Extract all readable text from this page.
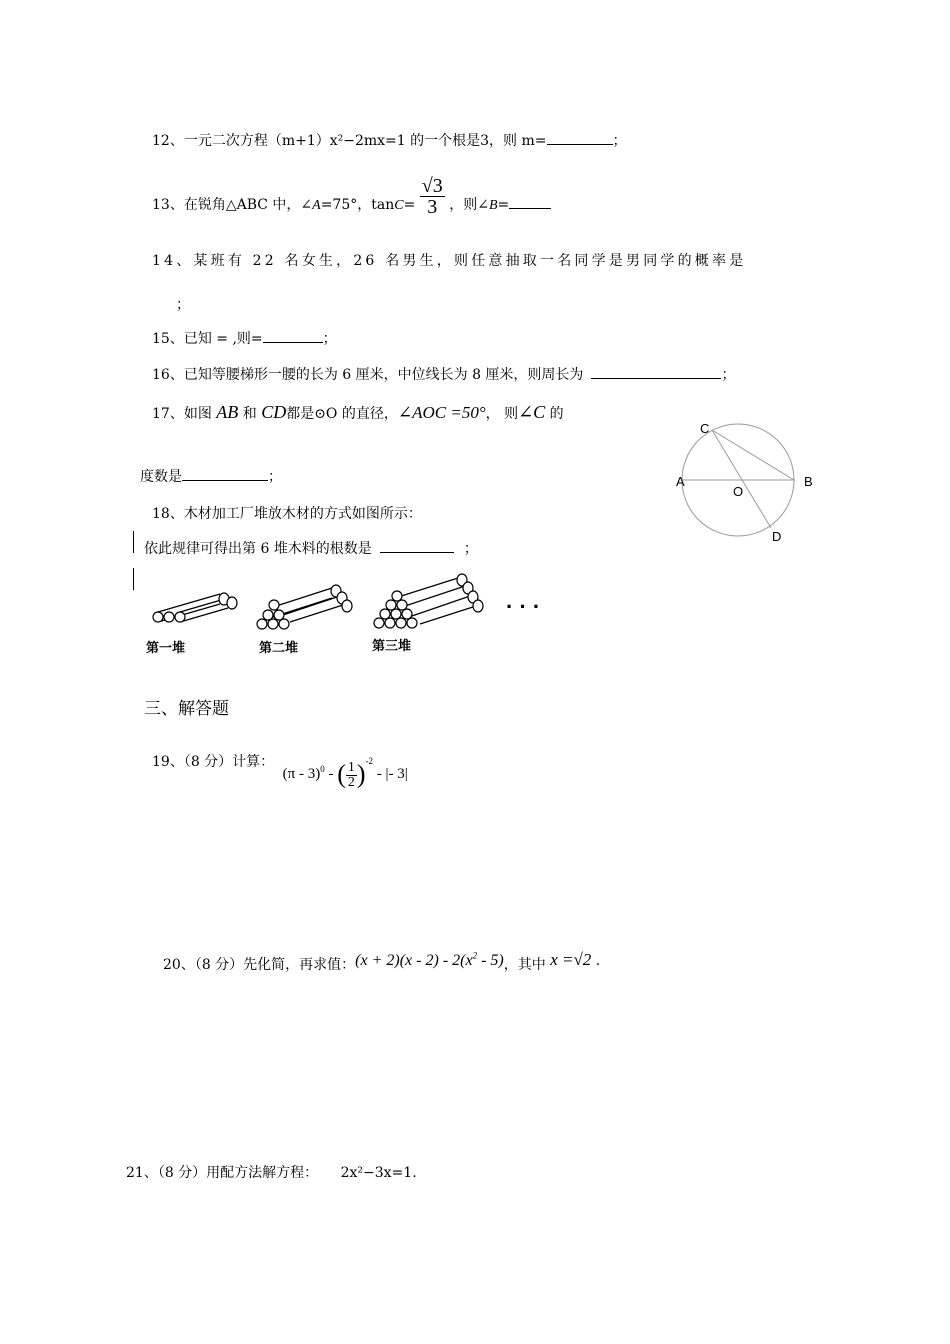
12、一元二次方程（m+1）x²−2mx=1 的一个根是3，则 m=	；
13、在锐角△ABC 中，∠A=75°，$\tan C= \frac{√3}{3}$ ，则∠B=
14、某班有 22 名女生，26 名男生，则任意抽取一名同学是男同学的概率是
；
15、已知 = ,则=	；
16、已知等腰梯形一腰的长为 6 厘米，中位线长为 8 厘米，则周长为	；
17、如图 AB 和 CD都是⊙O 的直径，∠AOC =50°， 则∠C 的
度数是	；
C
A
O
B
D
18、木材加工厂堆放木材的方式如图所示：
依此规律可得出第 6 堆木料的根数是	；
· · ·
第一堆	第二堆	第三堆
三、解答题
19、（8 分）计算： (π - 3)$^0$ - ( $\frac{1}{2} )^{-2}$ - |- 3|
20、（8 分）先化简，再求值：$(x + 2)(x - 2) - 2(x^2 - 5)$，其中 x =√2 .
21、（8 分）用配方法解方程： 2x²−3x=1.
